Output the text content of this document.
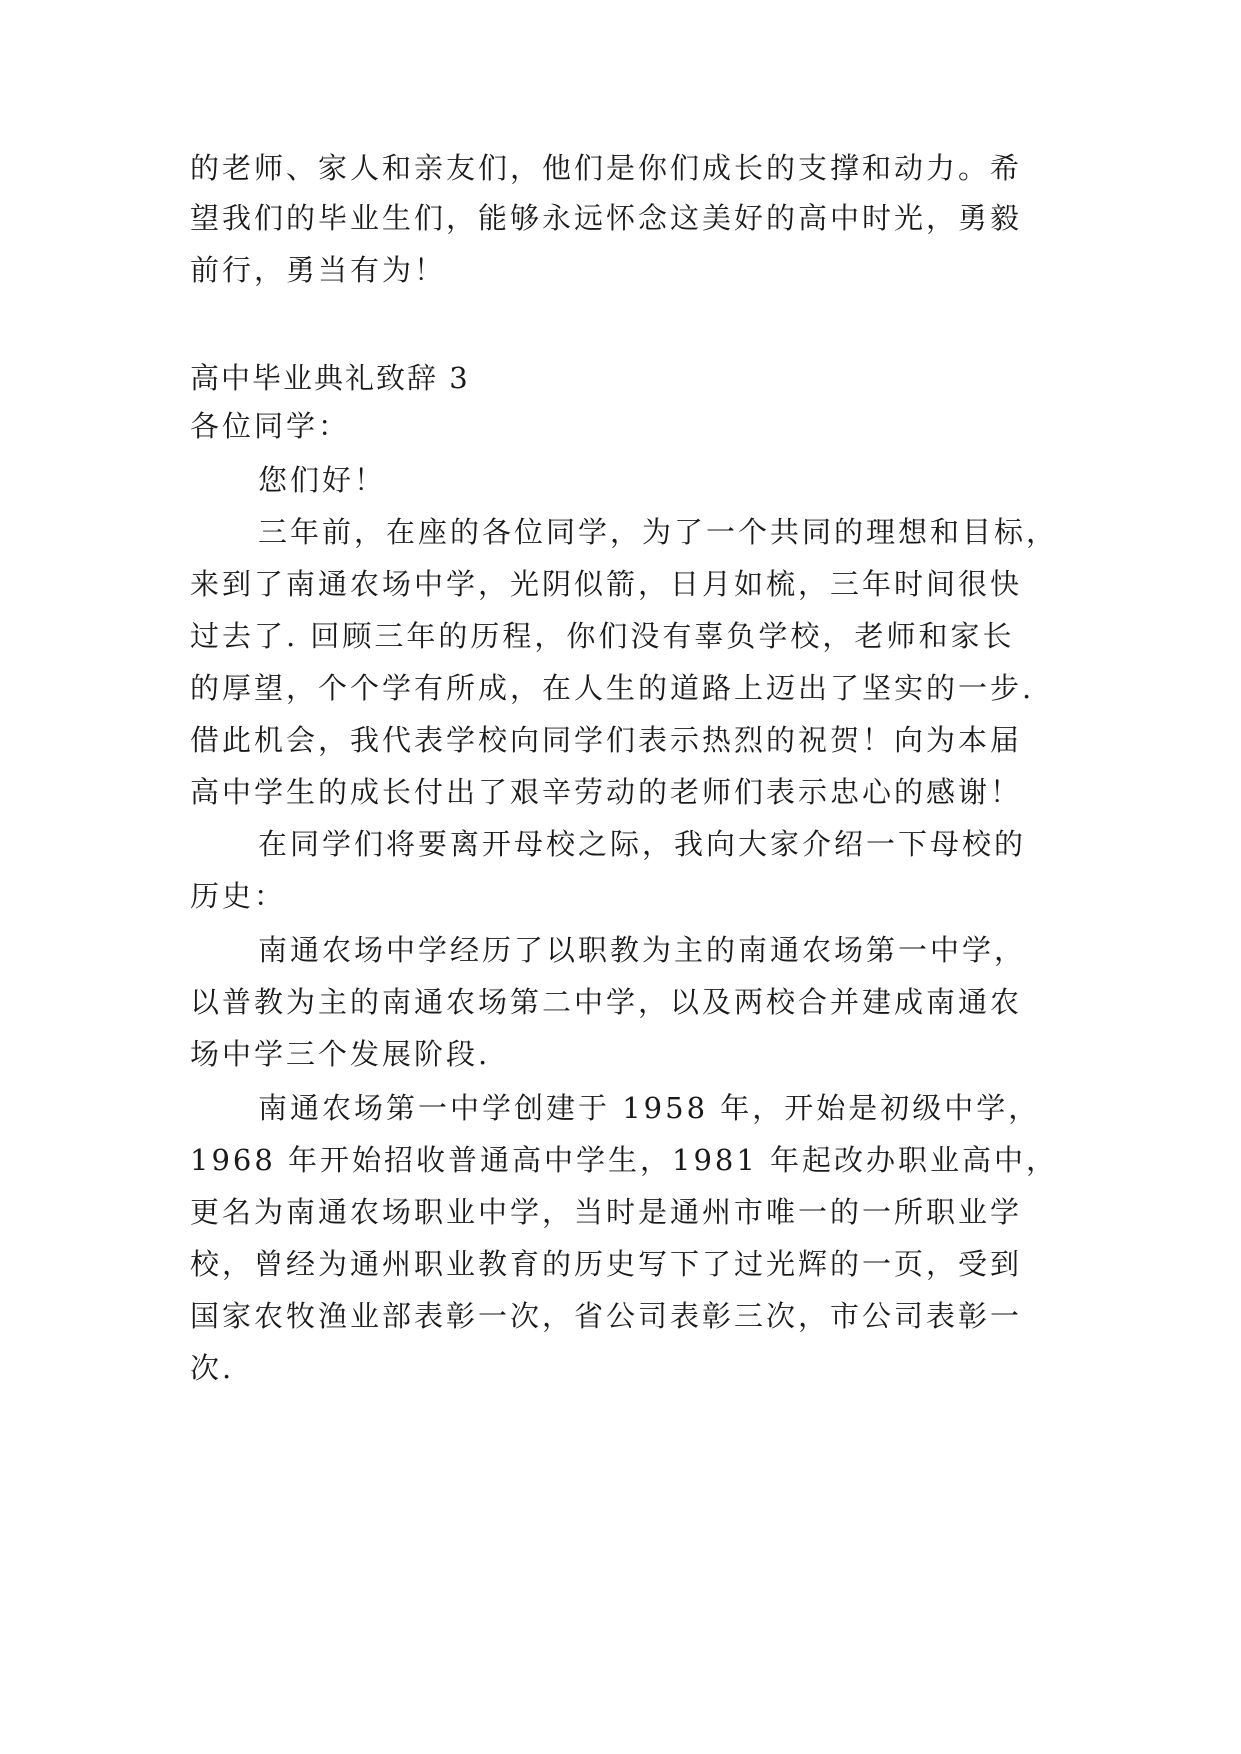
的老师、家人和亲友们，他们是你们成长的支撑和动力。希

望我们的毕业生们，能够永远怀念这美好的高中时光，勇毅

前行，勇当有为！

高中毕业典礼致辞 3

各位同学：

您们好！

三年前，在座的各位同学，为了一个共同的理想和目标，

来到了南通农场中学，光阴似箭，日月如梳，三年时间很快

过去了. 回顾三年的历程，你们没有辜负学校，老师和家长

的厚望，个个学有所成，在人生的道路上迈出了坚实的一步.

借此机会，我代表学校向同学们表示热烈的祝贺！向为本届

高中学生的成长付出了艰辛劳动的老师们表示忠心的感谢！

在同学们将要离开母校之际，我向大家介绍一下母校的

历史：

南通农场中学经历了以职教为主的南通农场第一中学，

以普教为主的南通农场第二中学，以及两校合并建成南通农

场中学三个发展阶段.

南通农场第一中学创建于 1958 年，开始是初级中学，

1968 年开始招收普通高中学生，1981 年起改办职业高中，

更名为南通农场职业中学，当时是通州市唯一的一所职业学

校，曾经为通州职业教育的历史写下了过光辉的一页，受到

国家农牧渔业部表彰一次，省公司表彰三次，市公司表彰一

次.
